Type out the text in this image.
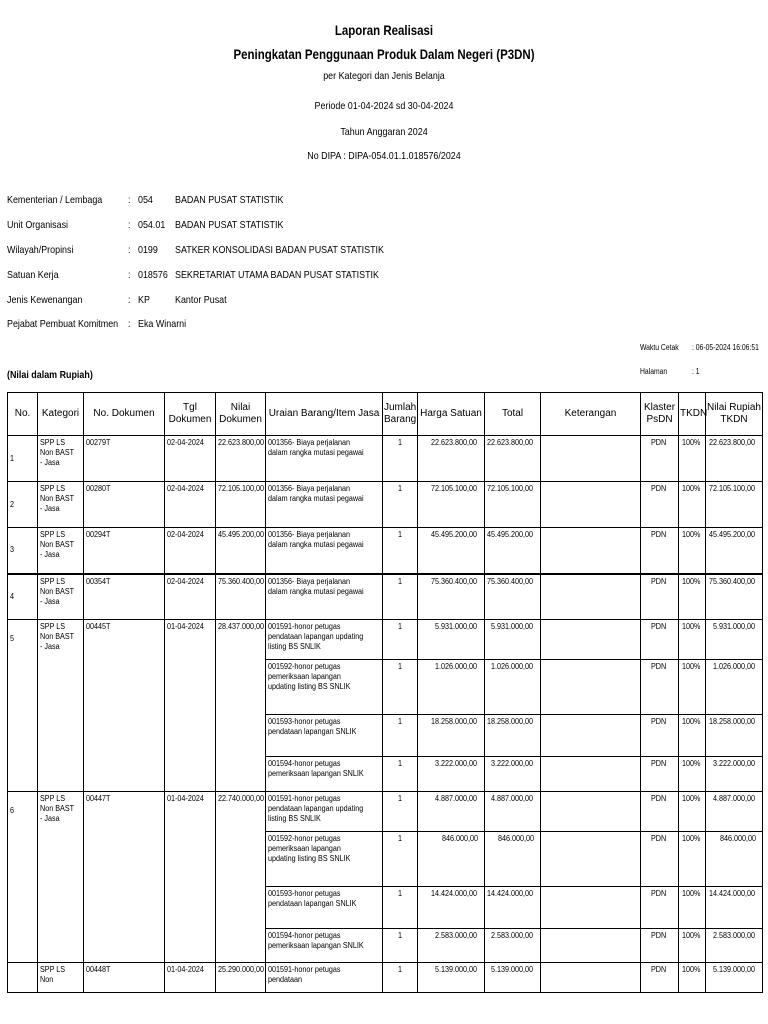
Laporan Realisasi
Peningkatan Penggunaan Produk Dalam Negeri (P3DN)
per Kategori dan Jenis Belanja
Periode 01-04-2024 sd 30-04-2024
Tahun Anggaran 2024
No DIPA : DIPA-054.01.1.018576/2024
Kementerian / Lembaga : 054 BADAN PUSAT STATISTIK
Unit Organisasi	: 054.01 BADAN PUSAT STATISTIK
Wilayah/Propinsi	: 0199 SATKER KONSOLIDASI BADAN PUSAT STATISTIK
Satuan Kerja	: 018576 SEKRETARIAT UTAMA BADAN PUSAT STATISTIK
Jenis Kewenangan	: KP Kantor Pusat
Pejabat Pembuat Komitmen : Eka Winarni
Waktu Cetak : 06-05-2024 16:06:51
Halaman	: 1
(Nilai dalam Rupiah)
No.	Kategori	No. Dokumen	Tgl Dokumen	Nilai Dokumen	Uraian Barang/Item Jasa	Jumlah Barang	Harga Satuan	Total	Keterangan	Klaster PsDN	TKDN	Nilai Rupiah TKDN
1	SPP LS Non BAST - Jasa	00279T	02-04-2024	22.623.800,00	001356- Biaya perjalanan dalam rangka mutasi pegawai	1	22.623.800,00	22.623.800,00		PDN	100%	22.623.800,00
2	SPP LS Non BAST - Jasa	00280T	02-04-2024	72.105.100,00	001356- Biaya perjalanan dalam rangka mutasi pegawai	1	72.105.100,00	72.105.100,00		PDN	100%	72.105.100,00
3	SPP LS Non BAST - Jasa	00294T	02-04-2024	45.495.200,00	001356- Biaya perjalanan dalam rangka mutasi pegawai	1	45.495.200,00	45.495.200,00		PDN	100%	45.495.200,00
4	SPP LS Non BAST - Jasa	00354T	02-04-2024	75.360.400,00	001356- Biaya perjalanan dalam rangka mutasi pegawai	1	75.360.400,00	75.360.400,00		PDN	100%	75.360.400,00
5	SPP LS Non BAST - Jasa	00445T	01-04-2024	28.437.000,00	001591-honor petugas pendataan lapangan updating listing BS SNLIK	1	5.931.000,00	5.931.000,00		PDN	100%	5.931.000,00
					001592-honor petugas pemeriksaan lapangan updating listing BS SNLIK	1	1.026.000,00	1.026.000,00		PDN	100%	1.026.000,00
					001593-honor petugas pendataan lapangan SNLIK	1	18.258.000,00	18.258.000,00		PDN	100%	18.258.000,00
					001594-honor petugas pemeriksaan lapangan SNLIK	1	3.222.000,00	3.222.000,00		PDN	100%	3.222.000,00
6	SPP LS Non BAST - Jasa	00447T	01-04-2024	22.740.000,00	001591-honor petugas pendataan lapangan updating listing BS SNLIK	1	4.887.000,00	4.887.000,00		PDN	100%	4.887.000,00
					001592-honor petugas pemeriksaan lapangan updating listing BS SNLIK	1	846.000,00	846.000,00		PDN	100%	846.000,00
					001593-honor petugas pendataan lapangan SNLIK	1	14.424.000,00	14.424.000,00		PDN	100%	14.424.000,00
					001594-honor petugas pemeriksaan lapangan SNLIK	1	2.583.000,00	2.583.000,00		PDN	100%	2.583.000,00
	SPP LS Non	00448T	01-04-2024	25.290.000,00	001591-honor petugas pendataan	1	5.139.000,00	5.139.000,00		PDN	100%	5.139.000,00
